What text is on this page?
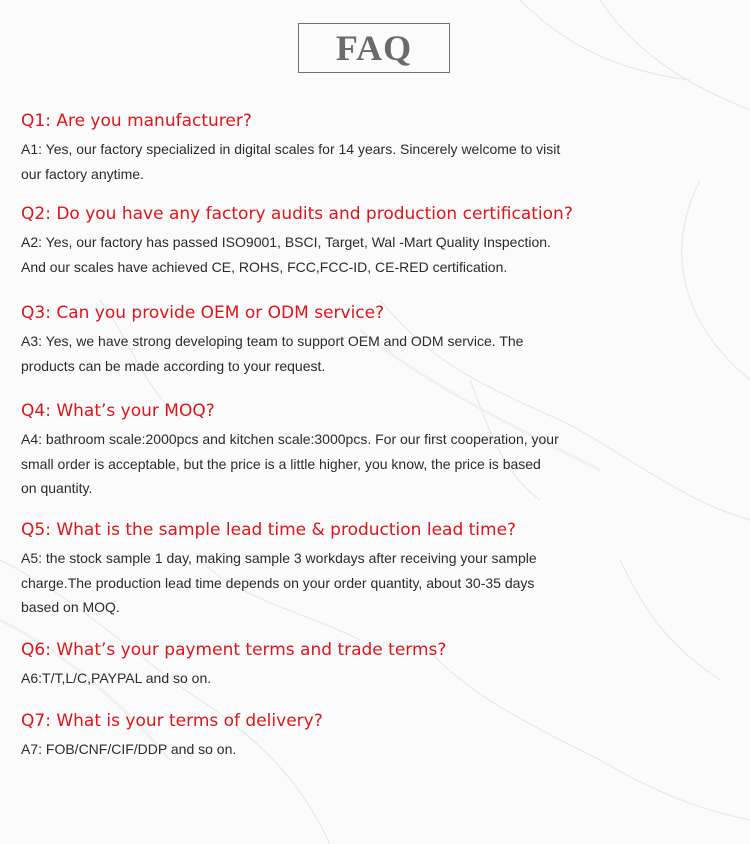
FAQ

Q1: Are you manufacturer?

A1: Yes, our factory specialized in digital scales for 14 years. Sincerely welcome to visit
our factory anytime.

Q2: Do you have any factory audits and production certification?

A2: Yes, our factory has passed ISO9001, BSCI, Target, Wal -Mart Quality Inspection.
And our scales have achieved CE, ROHS, FCC,FCC-ID, CE-RED certification.

Q3: Can you provide OEM or ODM service?

A3: Yes, we have strong developing team to support OEM and ODM service. The
products can be made according to your request.

Q4: What’s your MOQ?

A4: bathroom scale:2000pcs and kitchen scale:3000pcs. For our first cooperation, your
small order is acceptable, but the price is a little higher, you know, the price is based
on quantity.

Q5: What is the sample lead time & production lead time?

A5: the stock sample 1 day, making sample 3 workdays after receiving your sample
charge.The production lead time depends on your order quantity, about 30-35 days
based on MOQ.

Q6: What’s your payment terms and trade terms?

A6:T/T,L/C,PAYPAL and so on.

Q7: What is your terms of delivery?

A7: FOB/CNF/CIF/DDP and so on.
